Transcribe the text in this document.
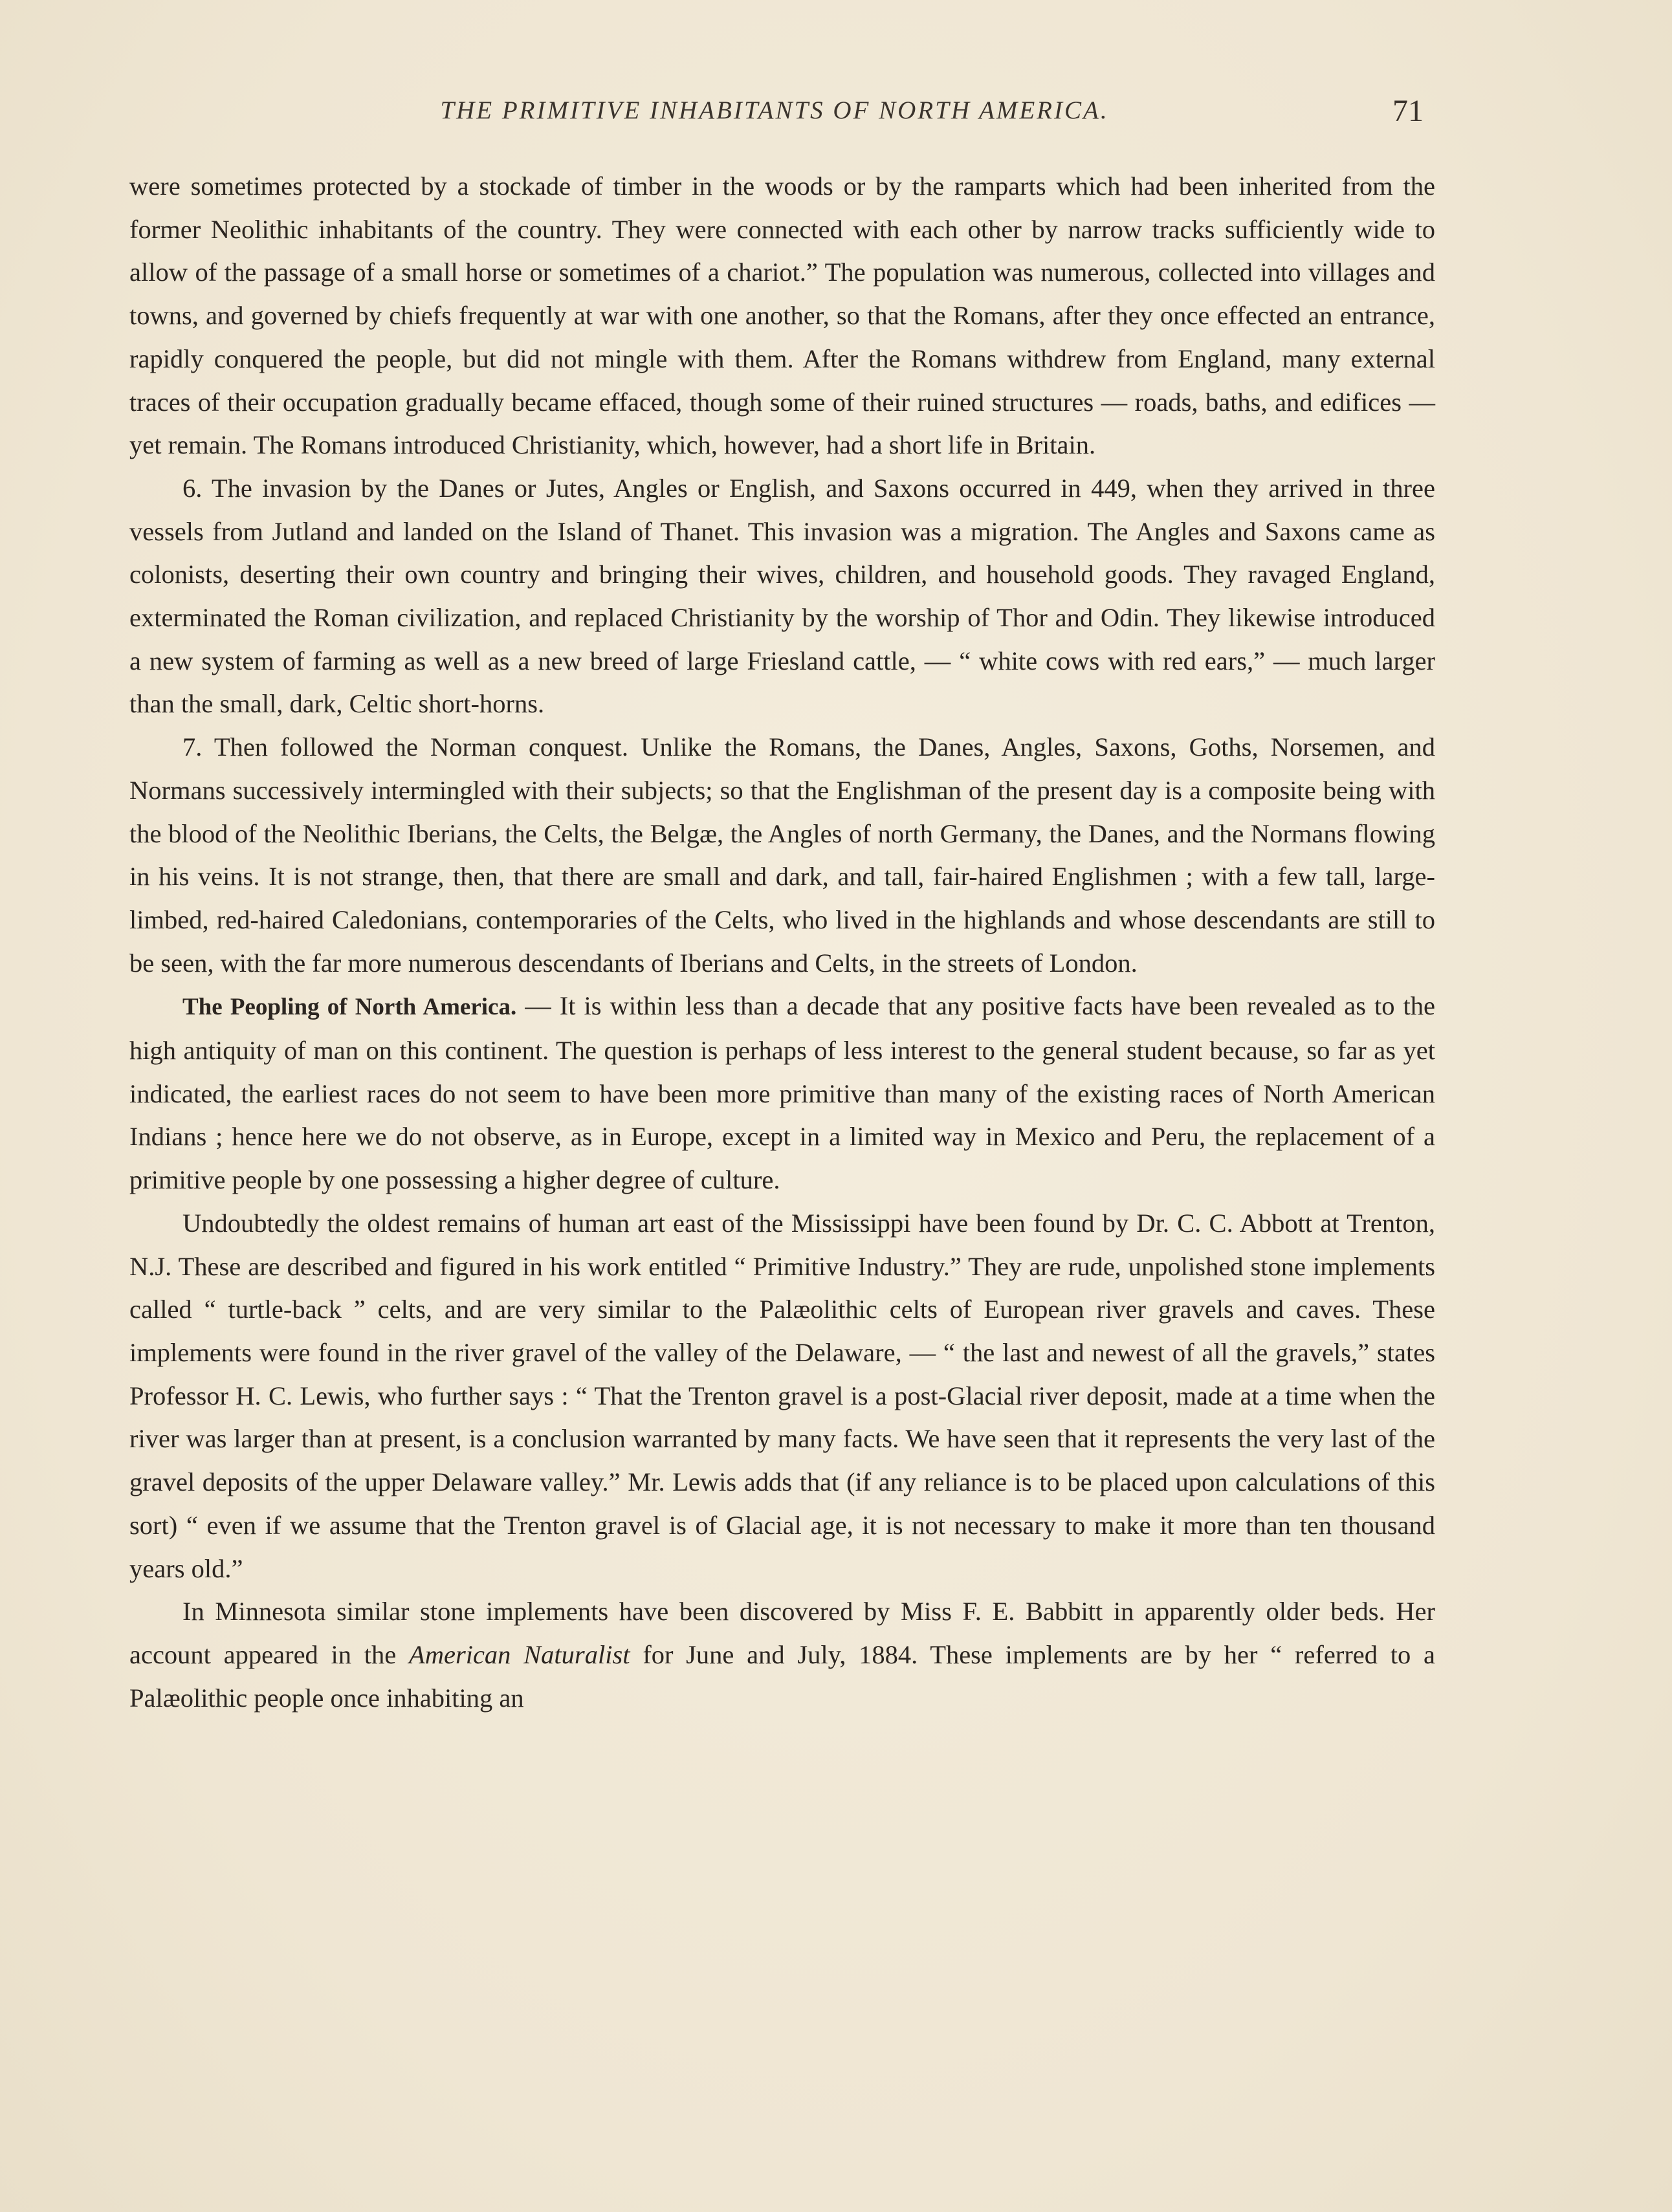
THE PRIMITIVE INHABITANTS OF NORTH AMERICA.	71

were sometimes protected by a stockade of timber in the woods or by the ramparts which had been inherited from the former Neolithic inhabitants of the country. They were connected with each other by narrow tracks sufficiently wide to allow of the passage of a small horse or sometimes of a chariot.” The population was numerous, collected into villages and towns, and governed by chiefs frequently at war with one another, so that the Romans, after they once effected an entrance, rapidly conquered the people, but did not mingle with them. After the Romans withdrew from England, many external traces of their occupation gradually became effaced, though some of their ruined structures — roads, baths, and edifices — yet remain. The Romans introduced Christianity, which, however, had a short life in Britain.

6. The invasion by the Danes or Jutes, Angles or English, and Saxons occurred in 449, when they arrived in three vessels from Jutland and landed on the Island of Thanet. This invasion was a migration. The Angles and Saxons came as colonists, deserting their own country and bringing their wives, children, and household goods. They ravaged England, exterminated the Roman civilization, and replaced Christianity by the worship of Thor and Odin. They likewise introduced a new system of farming as well as a new breed of large Friesland cattle, — “ white cows with red ears,” — much larger than the small, dark, Celtic short-horns.

7. Then followed the Norman conquest. Unlike the Romans, the Danes, Angles, Saxons, Goths, Norsemen, and Normans successively intermingled with their subjects; so that the Englishman of the present day is a composite being with the blood of the Neolithic Iberians, the Celts, the Belgæ, the Angles of north Germany, the Danes, and the Normans flowing in his veins. It is not strange, then, that there are small and dark, and tall, fair-haired Englishmen ; with a few tall, large-limbed, red-haired Caledonians, contemporaries of the Celts, who lived in the highlands and whose descendants are still to be seen, with the far more numerous descendants of Iberians and Celts, in the streets of London.

The Peopling of North America. — It is within less than a decade that any positive facts have been revealed as to the high antiquity of man on this continent. The question is perhaps of less interest to the general student because, so far as yet indicated, the earliest races do not seem to have been more primitive than many of the existing races of North American Indians ; hence here we do not observe, as in Europe, except in a limited way in Mexico and Peru, the replacement of a primitive people by one possessing a higher degree of culture.

Undoubtedly the oldest remains of human art east of the Mississippi have been found by Dr. C. C. Abbott at Trenton, N.J. These are described and figured in his work entitled “ Primitive Industry.” They are rude, unpolished stone implements called “ turtle-back ” celts, and are very similar to the Palæolithic celts of European river gravels and caves. These implements were found in the river gravel of the valley of the Delaware, — “ the last and newest of all the gravels,” states Professor H. C. Lewis, who further says : “ That the Trenton gravel is a post-Glacial river deposit, made at a time when the river was larger than at present, is a conclusion warranted by many facts. We have seen that it represents the very last of the gravel deposits of the upper Delaware valley.” Mr. Lewis adds that (if any reliance is to be placed upon calculations of this sort) “ even if we assume that the Trenton gravel is of Glacial age, it is not necessary to make it more than ten thousand years old.”

In Minnesota similar stone implements have been discovered by Miss F. E. Babbitt in apparently older beds. Her account appeared in the American Naturalist for June and July, 1884. These implements are by her “ referred to a Palæolithic people once inhabiting an
